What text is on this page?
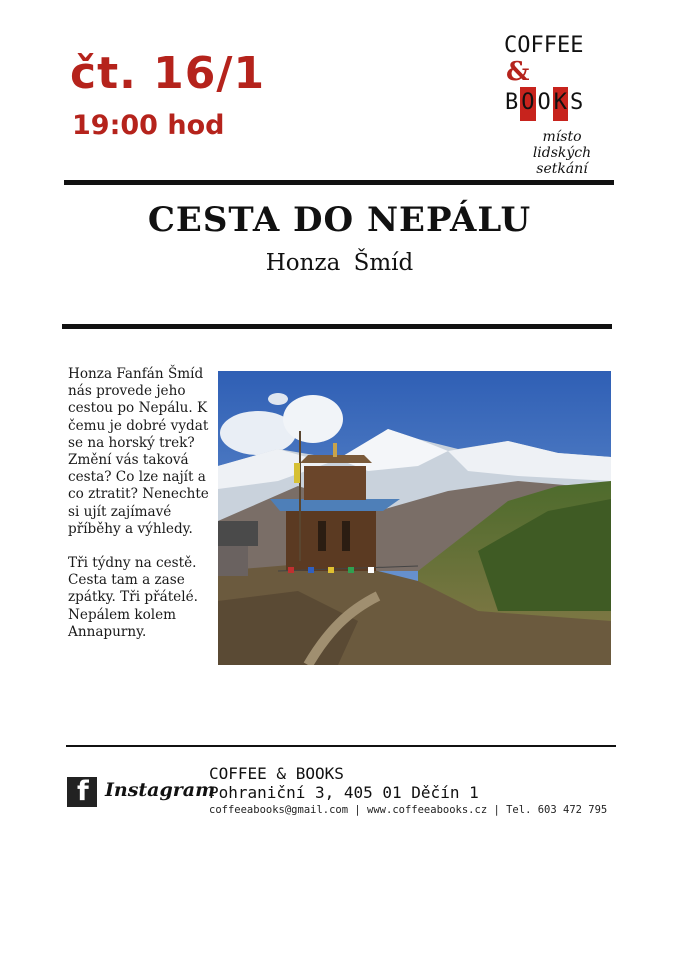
čt. 16/1
19:00 hod
COFFEE
&
B O O K S
místo lidských setkání
CESTA DO NEPÁLU
Honza Šmíd

Honza Fanfán Šmíd nás provede jeho cestou po Nepálu. K čemu je dobré vydat se na horský trek? Změní vás taková cesta? Co lze najít a co ztratit? Nenechte si ujít zajímavé příběhy a výhledy.

Tři týdny na cestě. Cesta tam a zase zpátky. Tři přátelé. Nepálem kolem Annapurny.

f Instagram
COFFEE & BOOKS
Pohraniční 3, 405 01 Děčín 1
coffeeabooks@gmail.com | www.coffeeabooks.cz | Tel. 603 472 795
